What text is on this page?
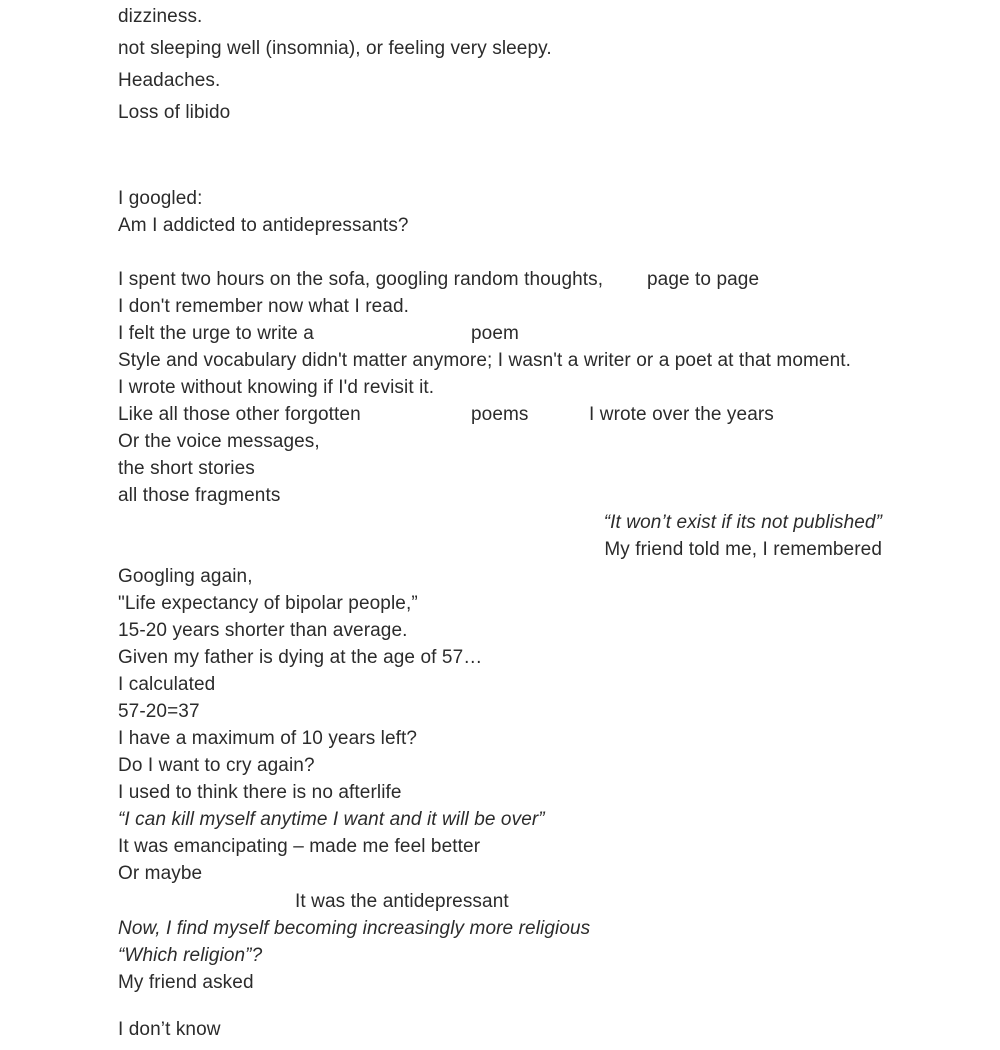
dizziness.
not sleeping well (insomnia), or feeling very sleepy.
Headaches.
Loss of libido
I googled:
Am I addicted to antidepressants?
I spent two hours on the sofa, googling random thoughts, page to page
I don't remember now what I read.
I felt the urge to write a	poem
Style and vocabulary didn't matter anymore; I wasn't a writer or a poet at that moment.
I wrote without knowing if I'd revisit it.
Like all those other forgotten	poems	I wrote over the years
Or the voice messages,
the short stories
all those fragments
“It won’t exist if its not published”
My friend told me, I remembered
Googling again,
"Life expectancy of bipolar people,”
15-20 years shorter than average.
Given my father is dying at the age of 57…
I calculated
57-20=37
I have a maximum of 10 years left?
Do I want to cry again?
I used to think there is no afterlife
“I can kill myself anytime I want and it will be over”
It was emancipating – made me feel better
Or maybe
It was the antidepressant
Now, I find myself becoming increasingly more religious
“Which religion”?
My friend asked
I don’t know
